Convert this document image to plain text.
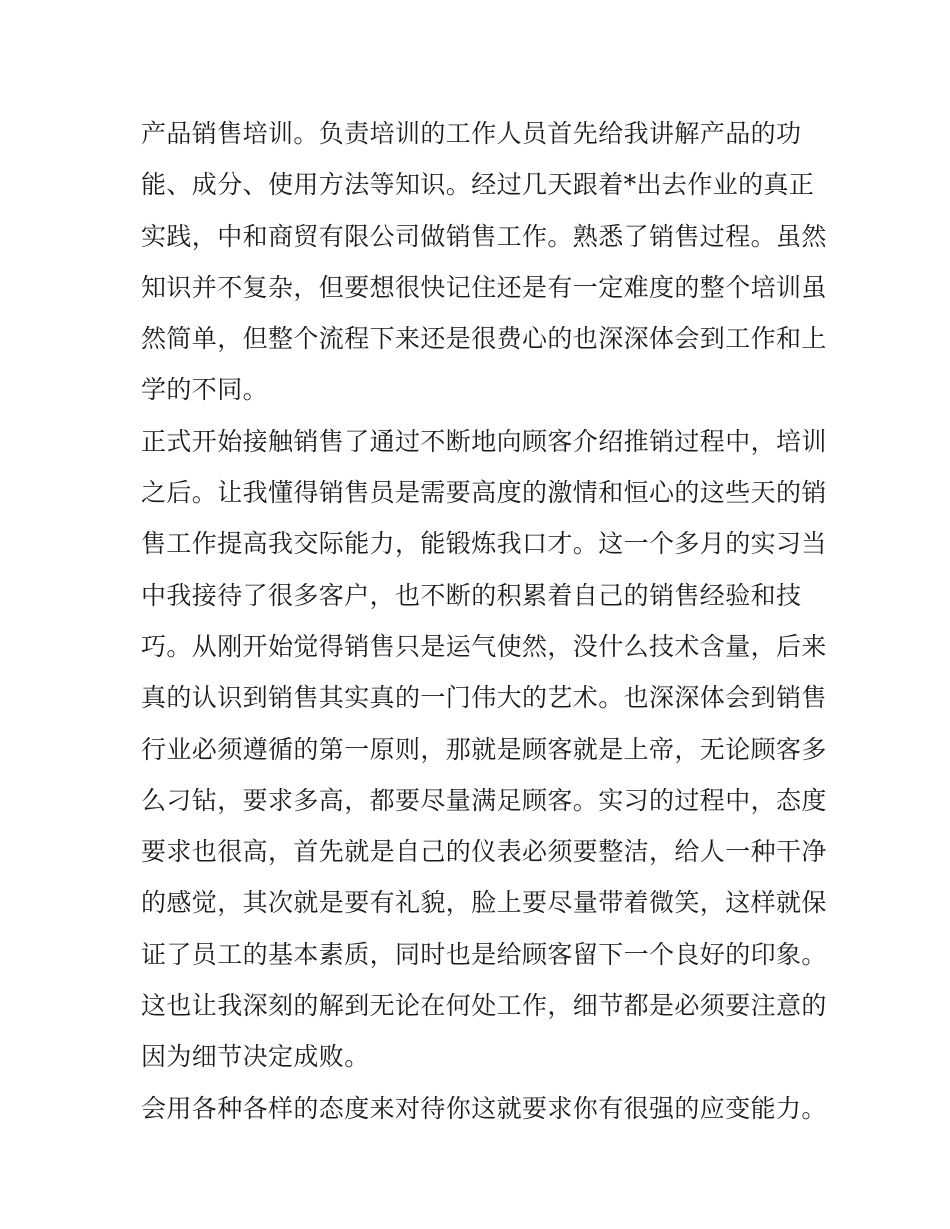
产品销售培训。负责培训的工作人员首先给我讲解产品的功
能、成分、使用方法等知识。经过几天跟着*出去作业的真正
实践，中和商贸有限公司做销售工作。熟悉了销售过程。虽然
知识并不复杂，但要想很快记住还是有一定难度的整个培训虽
然简单，但整个流程下来还是很费心的也深深体会到工作和上
学的不同。
正式开始接触销售了通过不断地向顾客介绍推销过程中，培训
之后。让我懂得销售员是需要高度的激情和恒心的这些天的销
售工作提高我交际能力，能锻炼我口才。这一个多月的实习当
中我接待了很多客户，也不断的积累着自己的销售经验和技
巧。从刚开始觉得销售只是运气使然，没什么技术含量，后来
真的认识到销售其实真的一门伟大的艺术。也深深体会到销售
行业必须遵循的第一原则，那就是顾客就是上帝，无论顾客多
么刁钻，要求多高，都要尽量满足顾客。实习的过程中，态度
要求也很高，首先就是自己的仪表必须要整洁，给人一种干净
的感觉，其次就是要有礼貌，脸上要尽量带着微笑，这样就保
证了员工的基本素质，同时也是给顾客留下一个良好的印象。
这也让我深刻的解到无论在何处工作，细节都是必须要注意的
因为细节决定成败。
会用各种各样的态度来对待你这就要求你有很强的应变能力。
